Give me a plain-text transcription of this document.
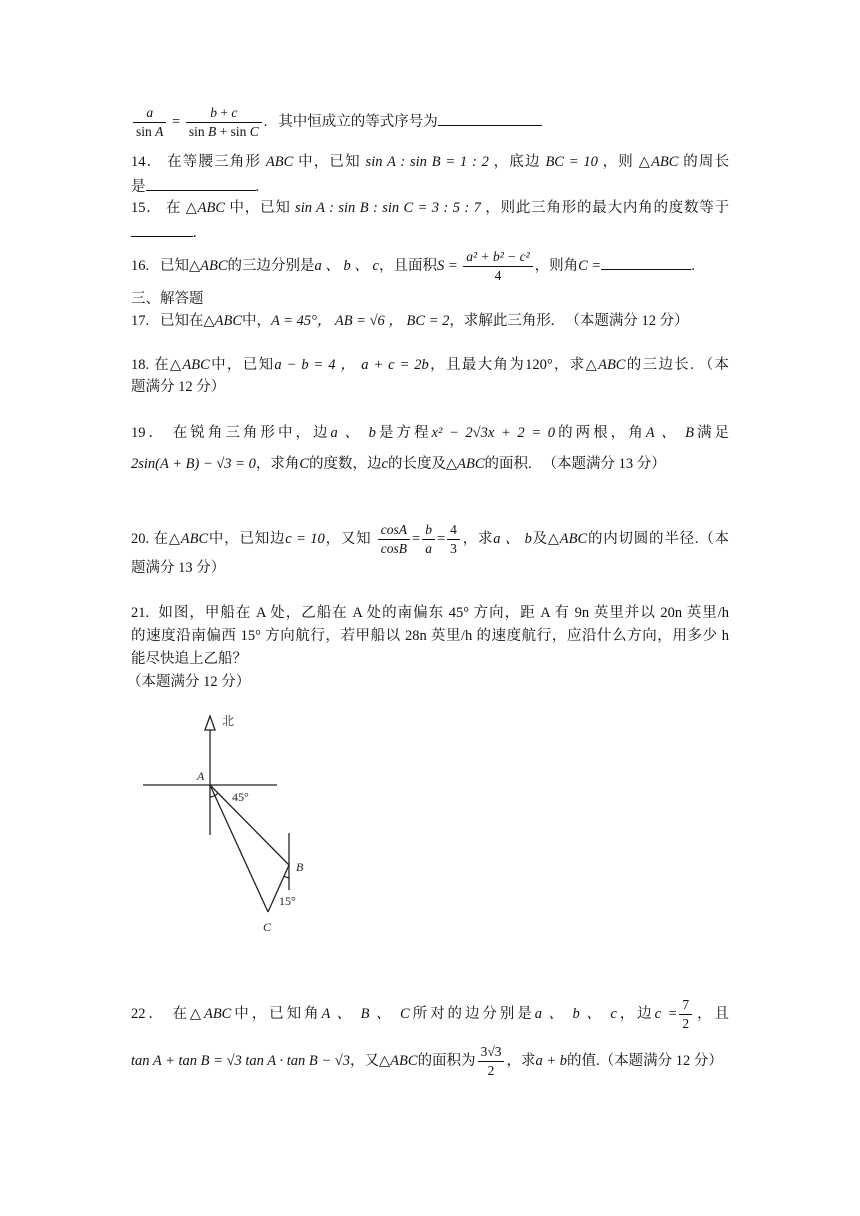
$\frac{a}{\text{sin A}} = \frac{b + c}{\text{sin B + sin C}}$ .   其中恒成立的等式序号为
14． 在等腰三角形 ABC 中，已知 sin A : sin B = 1 : 2 ，底边 BC = 10 ，则 △ABC 的周长
是	.
15． 在 △ABC 中，已知 sin A : sin B : sin C = 3 : 5 : 7 ，则此三角形的最大内角的度数等于
.
16. 已知△ABC的三边分别是a 、 b 、 c，且面积$S = \frac{\text{a² + b² − c²}}{4}$ ，则角C =	.
三、解答题
17. 已知在△ABC中，A = 45°， AB = √6 ， BC = 2，求解此三角形. （本题满分 12 分）
18. 在△ABC中，已知a − b = 4 ， a + c = 2b，且最大角为120°，求△ABC的三边长. （本
题满分 12 分）
19． 在锐角三角形中，边a 、 b是方程x² − 2√3x + 2 = 0的两根，角A 、 B满足
2sin(A + B) − √3 = 0，求角C的度数，边c的长度及△ABC的面积. （本题满分 13 分）
20. 在△ABC中，已知边c = 10，又知 $\frac{\cos A}{\cos B} = \frac{b}{a} = \frac{4}{3}$ ，求a 、 b及△ABC的内切圆的半径.（本
题满分 13 分）
21. 如图，甲船在 A 处，乙船在 A 处的南偏东 45° 方向，距 A 有 9n 英里并以 20n 英里/h
的速度沿南偏西 15° 方向航行，若甲船以 28n 英里/h 的速度航行，应沿什么方向，用多少 h
能尽快追上乙船？
（本题满分 12 分）
北
A
45°
B
15°
C
22． 在△ABC中，已知角A 、 B 、 C所对的边分别是a 、 b 、 c，边$c = \frac{7}{2}$ ，且
tan A + tan B = √3 tan A · tan B − √3，又△ABC的面积为 $\frac{3√3}{2}$ ，求a + b的值.（本题满分 12 分）
